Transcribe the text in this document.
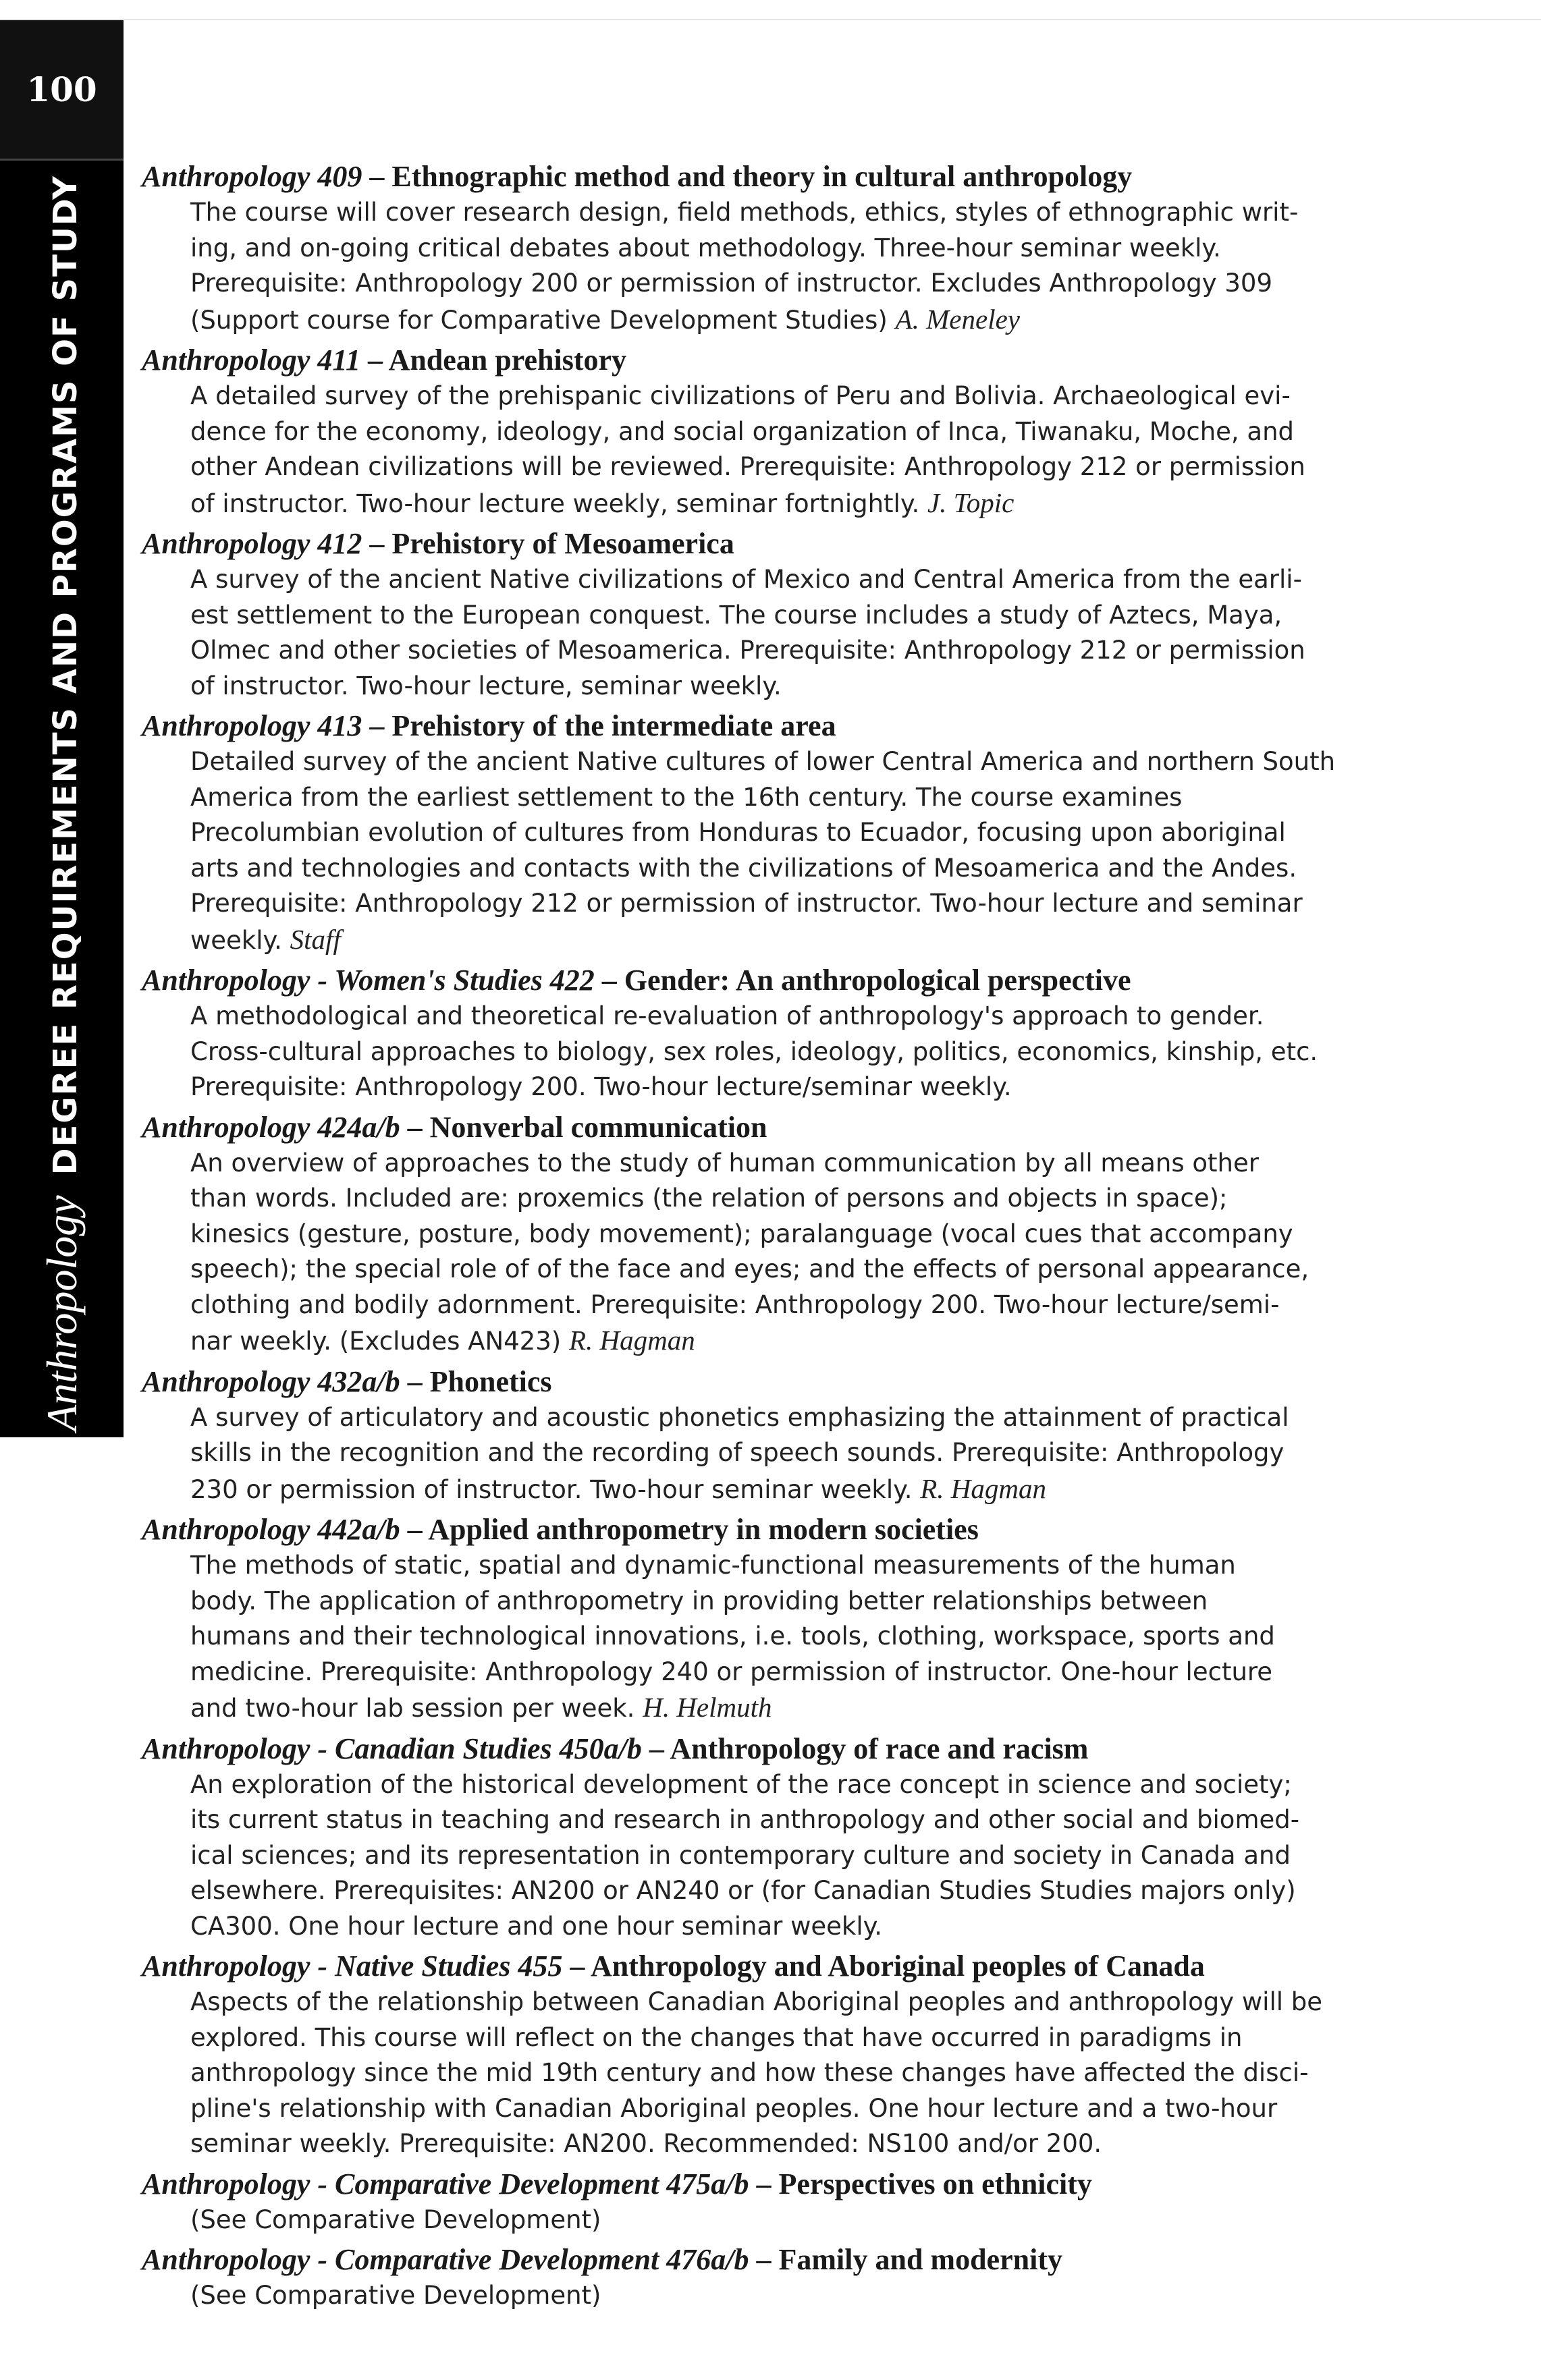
100
AnthropologyDEGREE REQUIREMENTS AND PROGRAMS OF STUDY Anthropology 409 – Ethnographic method and theory in cultural anthropology

The course will cover research design, field methods, ethics, styles of ethnographic writ-

ing, and on-going critical debates about methodology. Three-hour seminar weekly.

Prerequisite: Anthropology 200 or permission of instructor. Excludes Anthropology 309

(Support course for Comparative Development Studies) A. Meneley

Anthropology 411 – Andean prehistory

A detailed survey of the prehispanic civilizations of Peru and Bolivia. Archaeological evi-

dence for the economy, ideology, and social organization of Inca, Tiwanaku, Moche, and

other Andean civilizations will be reviewed. Prerequisite: Anthropology 212 or permission

of instructor. Two-hour lecture weekly, seminar fortnightly. J. Topic

Anthropology 412 – Prehistory of Mesoamerica

A survey of the ancient Native civilizations of Mexico and Central America from the earli-

est settlement to the European conquest. The course includes a study of Aztecs, Maya,

Olmec and other societies of Mesoamerica. Prerequisite: Anthropology 212 or permission

of instructor. Two-hour lecture, seminar weekly.

Anthropology 413 – Prehistory of the intermediate area

Detailed survey of the ancient Native cultures of lower Central America and northern South

America from the earliest settlement to the 16th century. The course examines

Precolumbian evolution of cultures from Honduras to Ecuador, focusing upon aboriginal

arts and technologies and contacts with the civilizations of Mesoamerica and the Andes.

Prerequisite: Anthropology 212 or permission of instructor. Two-hour lecture and seminar

weekly. Staff

Anthropology - Women's Studies 422 – Gender: An anthropological perspective

A methodological and theoretical re-evaluation of anthropology's approach to gender.

Cross-cultural approaches to biology, sex roles, ideology, politics, economics, kinship, etc.

Prerequisite: Anthropology 200. Two-hour lecture/seminar weekly.

Anthropology 424a/b – Nonverbal communication

An overview of approaches to the study of human communication by all means other

than words. Included are: proxemics (the relation of persons and objects in space);

kinesics (gesture, posture, body movement); paralanguage (vocal cues that accompany

speech); the special role of of the face and eyes; and the effects of personal appearance,

clothing and bodily adornment. Prerequisite: Anthropology 200. Two-hour lecture/semi-

nar weekly. (Excludes AN423) R. Hagman

Anthropology 432a/b – Phonetics

A survey of articulatory and acoustic phonetics emphasizing the attainment of practical

skills in the recognition and the recording of speech sounds. Prerequisite: Anthropology

230 or permission of instructor. Two-hour seminar weekly. R. Hagman

Anthropology 442a/b – Applied anthropometry in modern societies

The methods of static, spatial and dynamic-functional measurements of the human

body. The application of anthropometry in providing better relationships between

humans and their technological innovations, i.e. tools, clothing, workspace, sports and

medicine. Prerequisite: Anthropology 240 or permission of instructor. One-hour lecture

and two-hour lab session per week. H. Helmuth

Anthropology - Canadian Studies 450a/b – Anthropology of race and racism

An exploration of the historical development of the race concept in science and society;

its current status in teaching and research in anthropology and other social and biomed-

ical sciences; and its representation in contemporary culture and society in Canada and

elsewhere. Prerequisites: AN200 or AN240 or (for Canadian Studies Studies majors only)

CA300. One hour lecture and one hour seminar weekly.

Anthropology - Native Studies 455 – Anthropology and Aboriginal peoples of Canada

Aspects of the relationship between Canadian Aboriginal peoples and anthropology will be

explored. This course will reflect on the changes that have occurred in paradigms in

anthropology since the mid 19th century and how these changes have affected the disci-

pline's relationship with Canadian Aboriginal peoples. One hour lecture and a two-hour

seminar weekly. Prerequisite: AN200. Recommended: NS100 and/or 200.

Anthropology - Comparative Development 475a/b – Perspectives on ethnicity

(See Comparative Development)

Anthropology - Comparative Development 476a/b – Family and modernity

(See Comparative Development)
